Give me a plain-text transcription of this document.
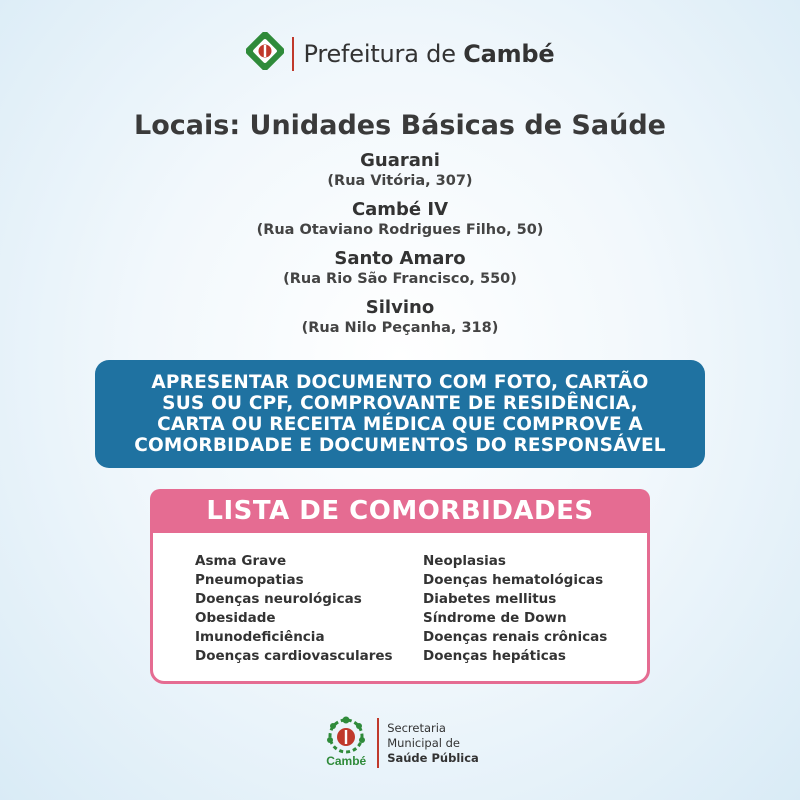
Prefeitura de Cambé
Locais: Unidades Básicas de Saúde
Guarani
(Rua Vitória, 307)
Cambé IV
(Rua Otaviano Rodrigues Filho, 50)
Santo Amaro
(Rua Rio São Francisco, 550)
Silvino
(Rua Nilo Peçanha, 318)
APRESENTAR DOCUMENTO COM FOTO, CARTÃO
SUS OU CPF, COMPROVANTE DE RESIDÊNCIA,
CARTA OU RECEITA MÉDICA QUE COMPROVE A
COMORBIDADE E DOCUMENTOS DO RESPONSÁVEL
LISTA DE COMORBIDADES
Asma Grave
Pneumopatias
Doenças neurológicas
Obesidade
Imunodeficiência
Doenças cardiovasculares
Neoplasias
Doenças hematológicas
Diabetes mellitus
Síndrome de Down
Doenças renais crônicas
Doenças hepáticas
Cambé
Secretaria
Municipal de
Saúde Pública
